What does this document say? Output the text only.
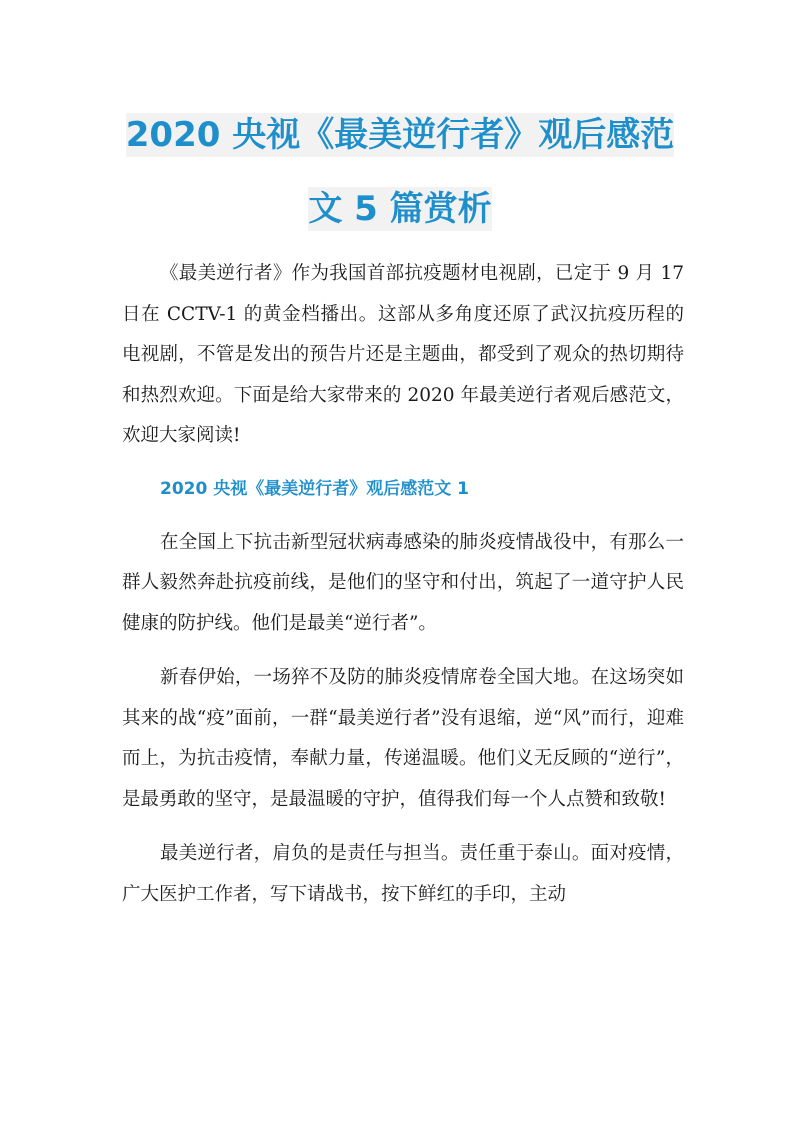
2020 央视《最美逆行者》观后感范
文 5 篇赏析

《最美逆行者》作为我国首部抗疫题材电视剧，已定于 9 月 17 日在 CCTV-1 的黄金档播出。这部从多角度还原了武汉抗疫历程的电视剧，不管是发出的预告片还是主题曲，都受到了观众的热切期待和热烈欢迎。下面是给大家带来的 2020 年最美逆行者观后感范文，欢迎大家阅读!

2020 央视《最美逆行者》观后感范文 1

在全国上下抗击新型冠状病毒感染的肺炎疫情战役中，有那么一群人毅然奔赴抗疫前线，是他们的坚守和付出，筑起了一道守护人民健康的防护线。他们是最美“逆行者”。

新春伊始，一场猝不及防的肺炎疫情席卷全国大地。在这场突如其来的战“疫”面前，一群“最美逆行者”没有退缩，逆“风”而行，迎难而上，为抗击疫情，奉献力量，传递温暖。他们义无反顾的“逆行”，是最勇敢的坚守，是最温暖的守护，值得我们每一个人点赞和致敬!

最美逆行者，肩负的是责任与担当。责任重于泰山。面对疫情，广大医护工作者，写下请战书，按下鲜红的手印，主动
